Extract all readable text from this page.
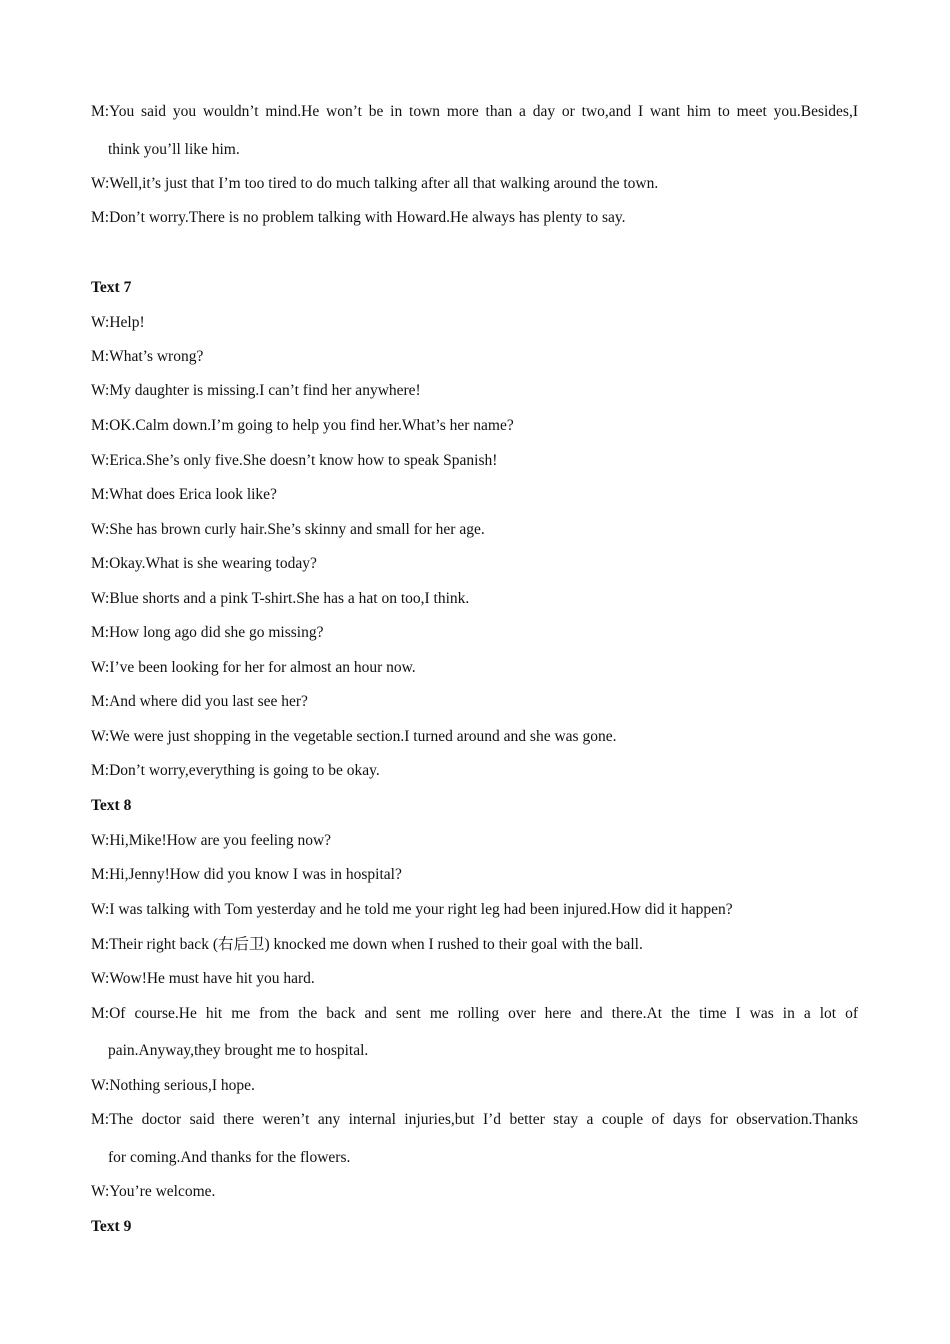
M:You said you wouldn’t mind.He won’t be in town more than a day or two,and I want him to meet you.Besides,I
think you’ll like him.
W:Well,it’s just that I’m too tired to do much talking after all that walking around the town.
M:Don’t worry.There is no problem talking with Howard.He always has plenty to say.
Text 7
W:Help!
M:What’s wrong?
W:My daughter is missing.I can’t find her anywhere!
M:OK.Calm down.I’m going to help you find her.What’s her name?
W:Erica.She’s only five.She doesn’t know how to speak Spanish!
M:What does Erica look like?
W:She has brown curly hair.She’s skinny and small for her age.
M:Okay.What is she wearing today?
W:Blue shorts and a pink T-shirt.She has a hat on too,I think.
M:How long ago did she go missing?
W:I’ve been looking for her for almost an hour now.
M:And where did you last see her?
W:We were just shopping in the vegetable section.I turned around and she was gone.
M:Don’t worry,everything is going to be okay.
Text 8
W:Hi,Mike!How are you feeling now?
M:Hi,Jenny!How did you know I was in hospital?
W:I was talking with Tom yesterday and he told me your right leg had been injured.How did it happen?
M:Their right back (右后卫) knocked me down when I rushed to their goal with the ball.
W:Wow!He must have hit you hard.
M:Of course.He hit me from the back and sent me rolling over here and there.At the time I was in a lot of
pain.Anyway,they brought me to hospital.
W:Nothing serious,I hope.
M:The doctor said there weren’t any internal injuries,but I’d better stay a couple of days for observation.Thanks
for coming.And thanks for the flowers.
W:You’re welcome.
Text 9
